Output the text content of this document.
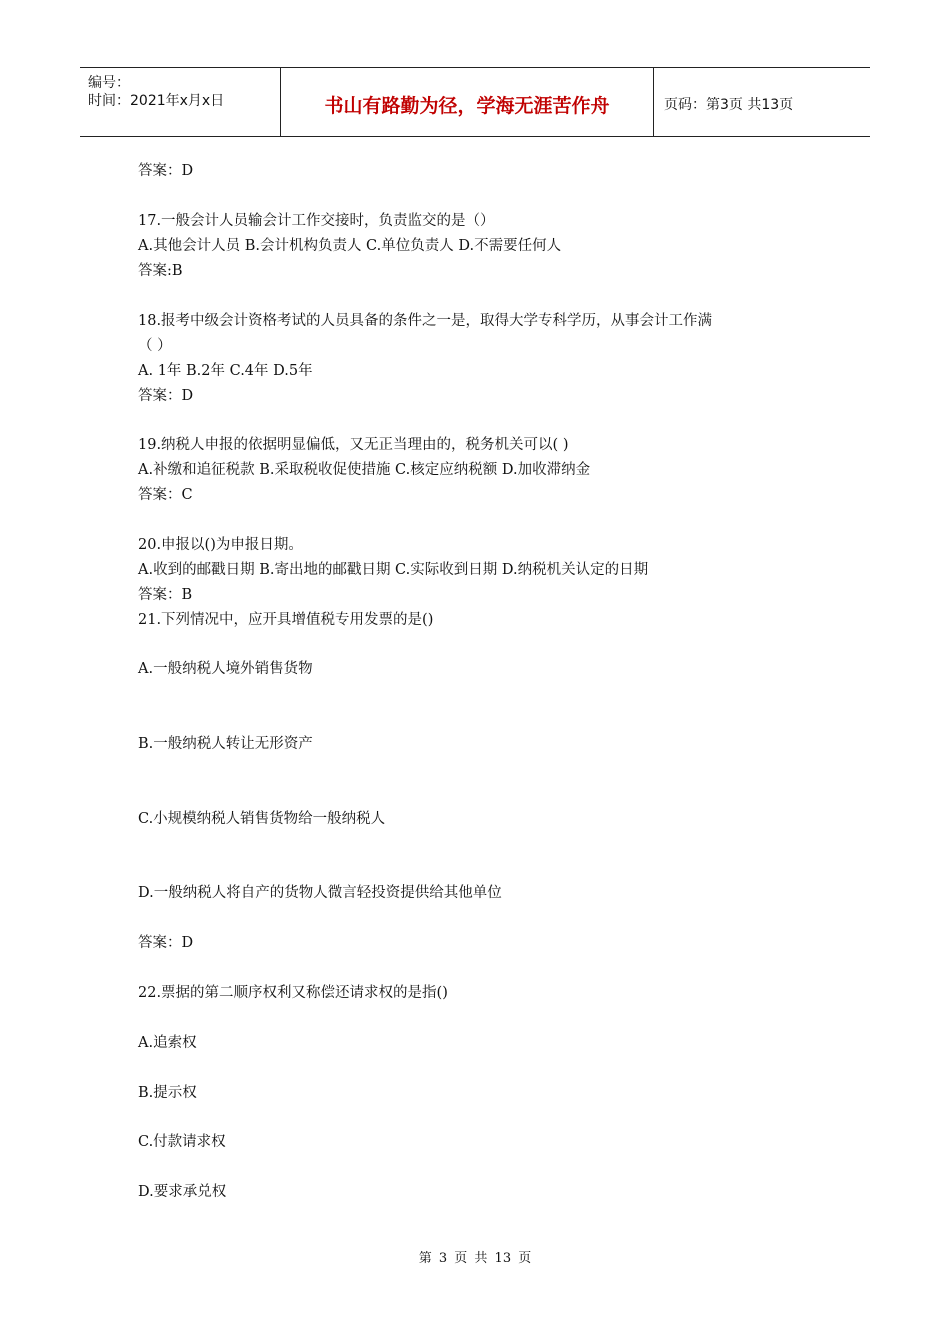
编号：
时间：2021年x月x日	书山有路勤为径，学海无涯苦作舟	页码：第3页 共13页
答案：D
17.一般会计人员输会计工作交接时，负责监交的是（）
A.其他会计人员 B.会计机构负责人 C.单位负责人 D.不需要任何人
答案:B
18.报考中级会计资格考试的人员具备的条件之一是，取得大学专科学历，从事会计工作满
（ ）
A. 1年 B.2年 C.4年 D.5年
答案：D
19.纳税人申报的依据明显偏低，又无正当理由的，税务机关可以( )
A.补缴和追征税款 B.采取税收促使措施 C.核定应纳税额 D.加收滞纳金
答案：C
20.申报以()为申报日期。
A.收到的邮戳日期 B.寄出地的邮戳日期 C.实际收到日期 D.纳税机关认定的日期
答案：B
21.下列情况中，应开具增值税专用发票的是()
A.一般纳税人境外销售货物
B.一般纳税人转让无形资产
C.小规模纳税人销售货物给一般纳税人
D.一般纳税人将自产的货物人微言轻投资提供给其他单位
答案：D
22.票据的第二顺序权利又称偿还请求权的是指()
A.追索权
B.提示权
C.付款请求权
D.要求承兑权
第 3 页 共 13 页
